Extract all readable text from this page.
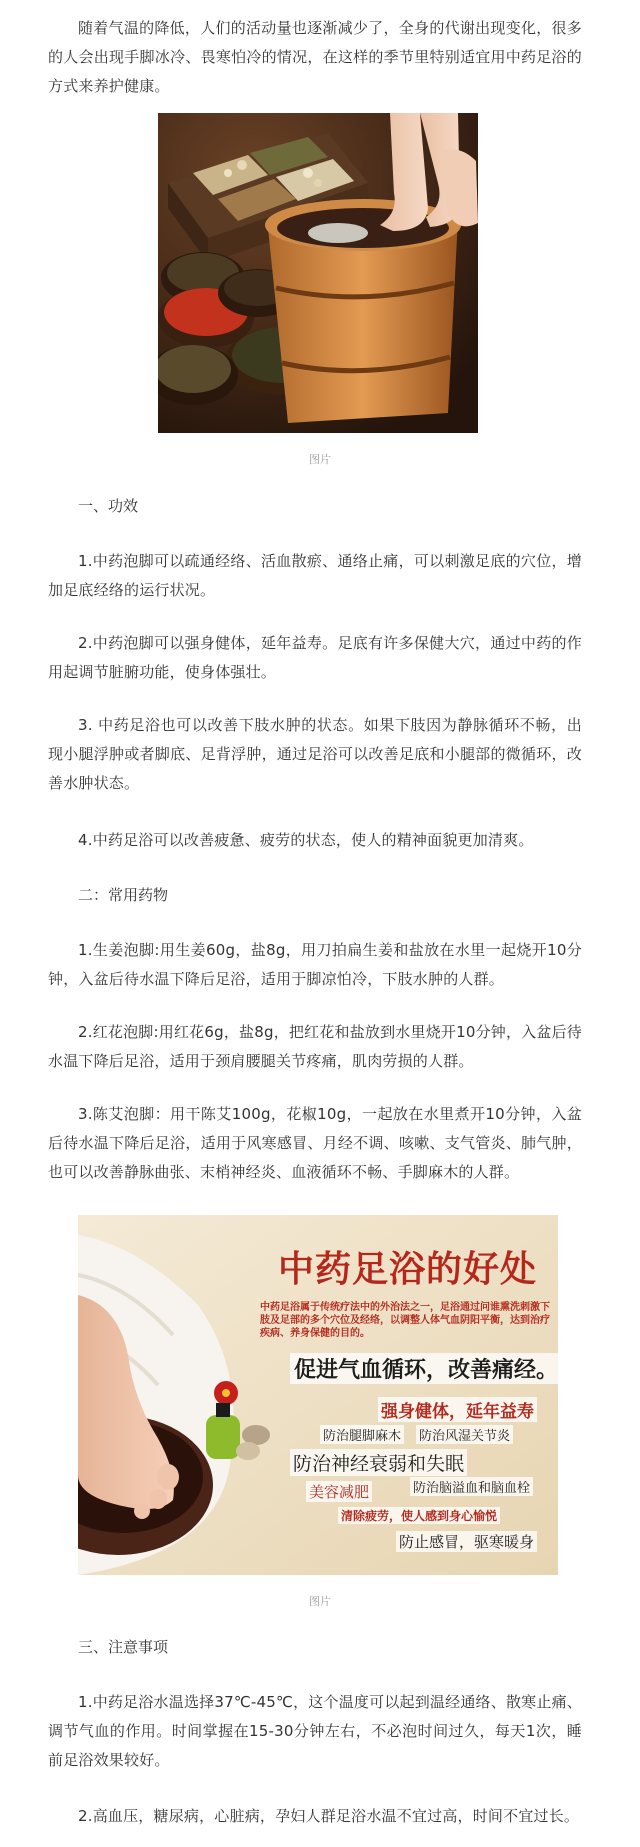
随着气温的降低，人们的活动量也逐渐减少了，全身的代谢出现变化，很多的人会出现手脚冰冷、畏寒怕冷的情况，在这样的季节里特别适宜用中药足浴的方式来养护健康。

图片

一、功效

1.中药泡脚可以疏通经络、活血散瘀、通络止痛，可以刺激足底的穴位，增加足底经络的运行状况。

2.中药泡脚可以强身健体，延年益寿。足底有许多保健大穴，通过中药的作用起调节脏腑功能，使身体强壮。

3. 中药足浴也可以改善下肢水肿的状态。如果下肢因为静脉循环不畅，出现小腿浮肿或者脚底、足背浮肿，通过足浴可以改善足底和小腿部的微循环，改善水肿状态。

4.中药足浴可以改善疲惫、疲劳的状态，使人的精神面貌更加清爽。

二：常用药物

1.生姜泡脚:用生姜60g，盐8g，用刀拍扁生姜和盐放在水里一起烧开10分钟，入盆后待水温下降后足浴，适用于脚凉怕冷，下肢水肿的人群。

2.红花泡脚:用红花6g，盐8g，把红花和盐放到水里烧开10分钟，入盆后待水温下降后足浴，适用于颈肩腰腿关节疼痛，肌肉劳损的人群。

3.陈艾泡脚：用干陈艾100g，花椒10g，一起放在水里煮开10分钟，入盆后待水温下降后足浴，适用于风寒感冒、月经不调、咳嗽、支气管炎、肺气肿，也可以改善静脉曲张、末梢神经炎、血液循环不畅、手脚麻木的人群。

中药足浴的好处

中药足浴属于传统疗法中的外治法之一，足浴通过问谁熏洗刺激下肢及足部的多个穴位及经络，以调整人体气血阴阳平衡，达到治疗疾病、养身保健的目的。

促进气血循环，改善痛经。

强身健体，延年益寿

防治腿脚麻木 防治风湿关节炎

防治神经衰弱和失眠

防治脑溢血和脑血栓

美容减肥

清除疲劳，使人感到身心愉悦

防止感冒，驱寒暖身

图片

三、注意事项

1.中药足浴水温选择37℃-45℃，这个温度可以起到温经通络、散寒止痛、调节气血的作用。时间掌握在15-30分钟左右，不必泡时间过久，每天1次，睡前足浴效果较好。

2.高血压，糖尿病，心脏病，孕妇人群足浴水温不宜过高，时间不宜过长。
